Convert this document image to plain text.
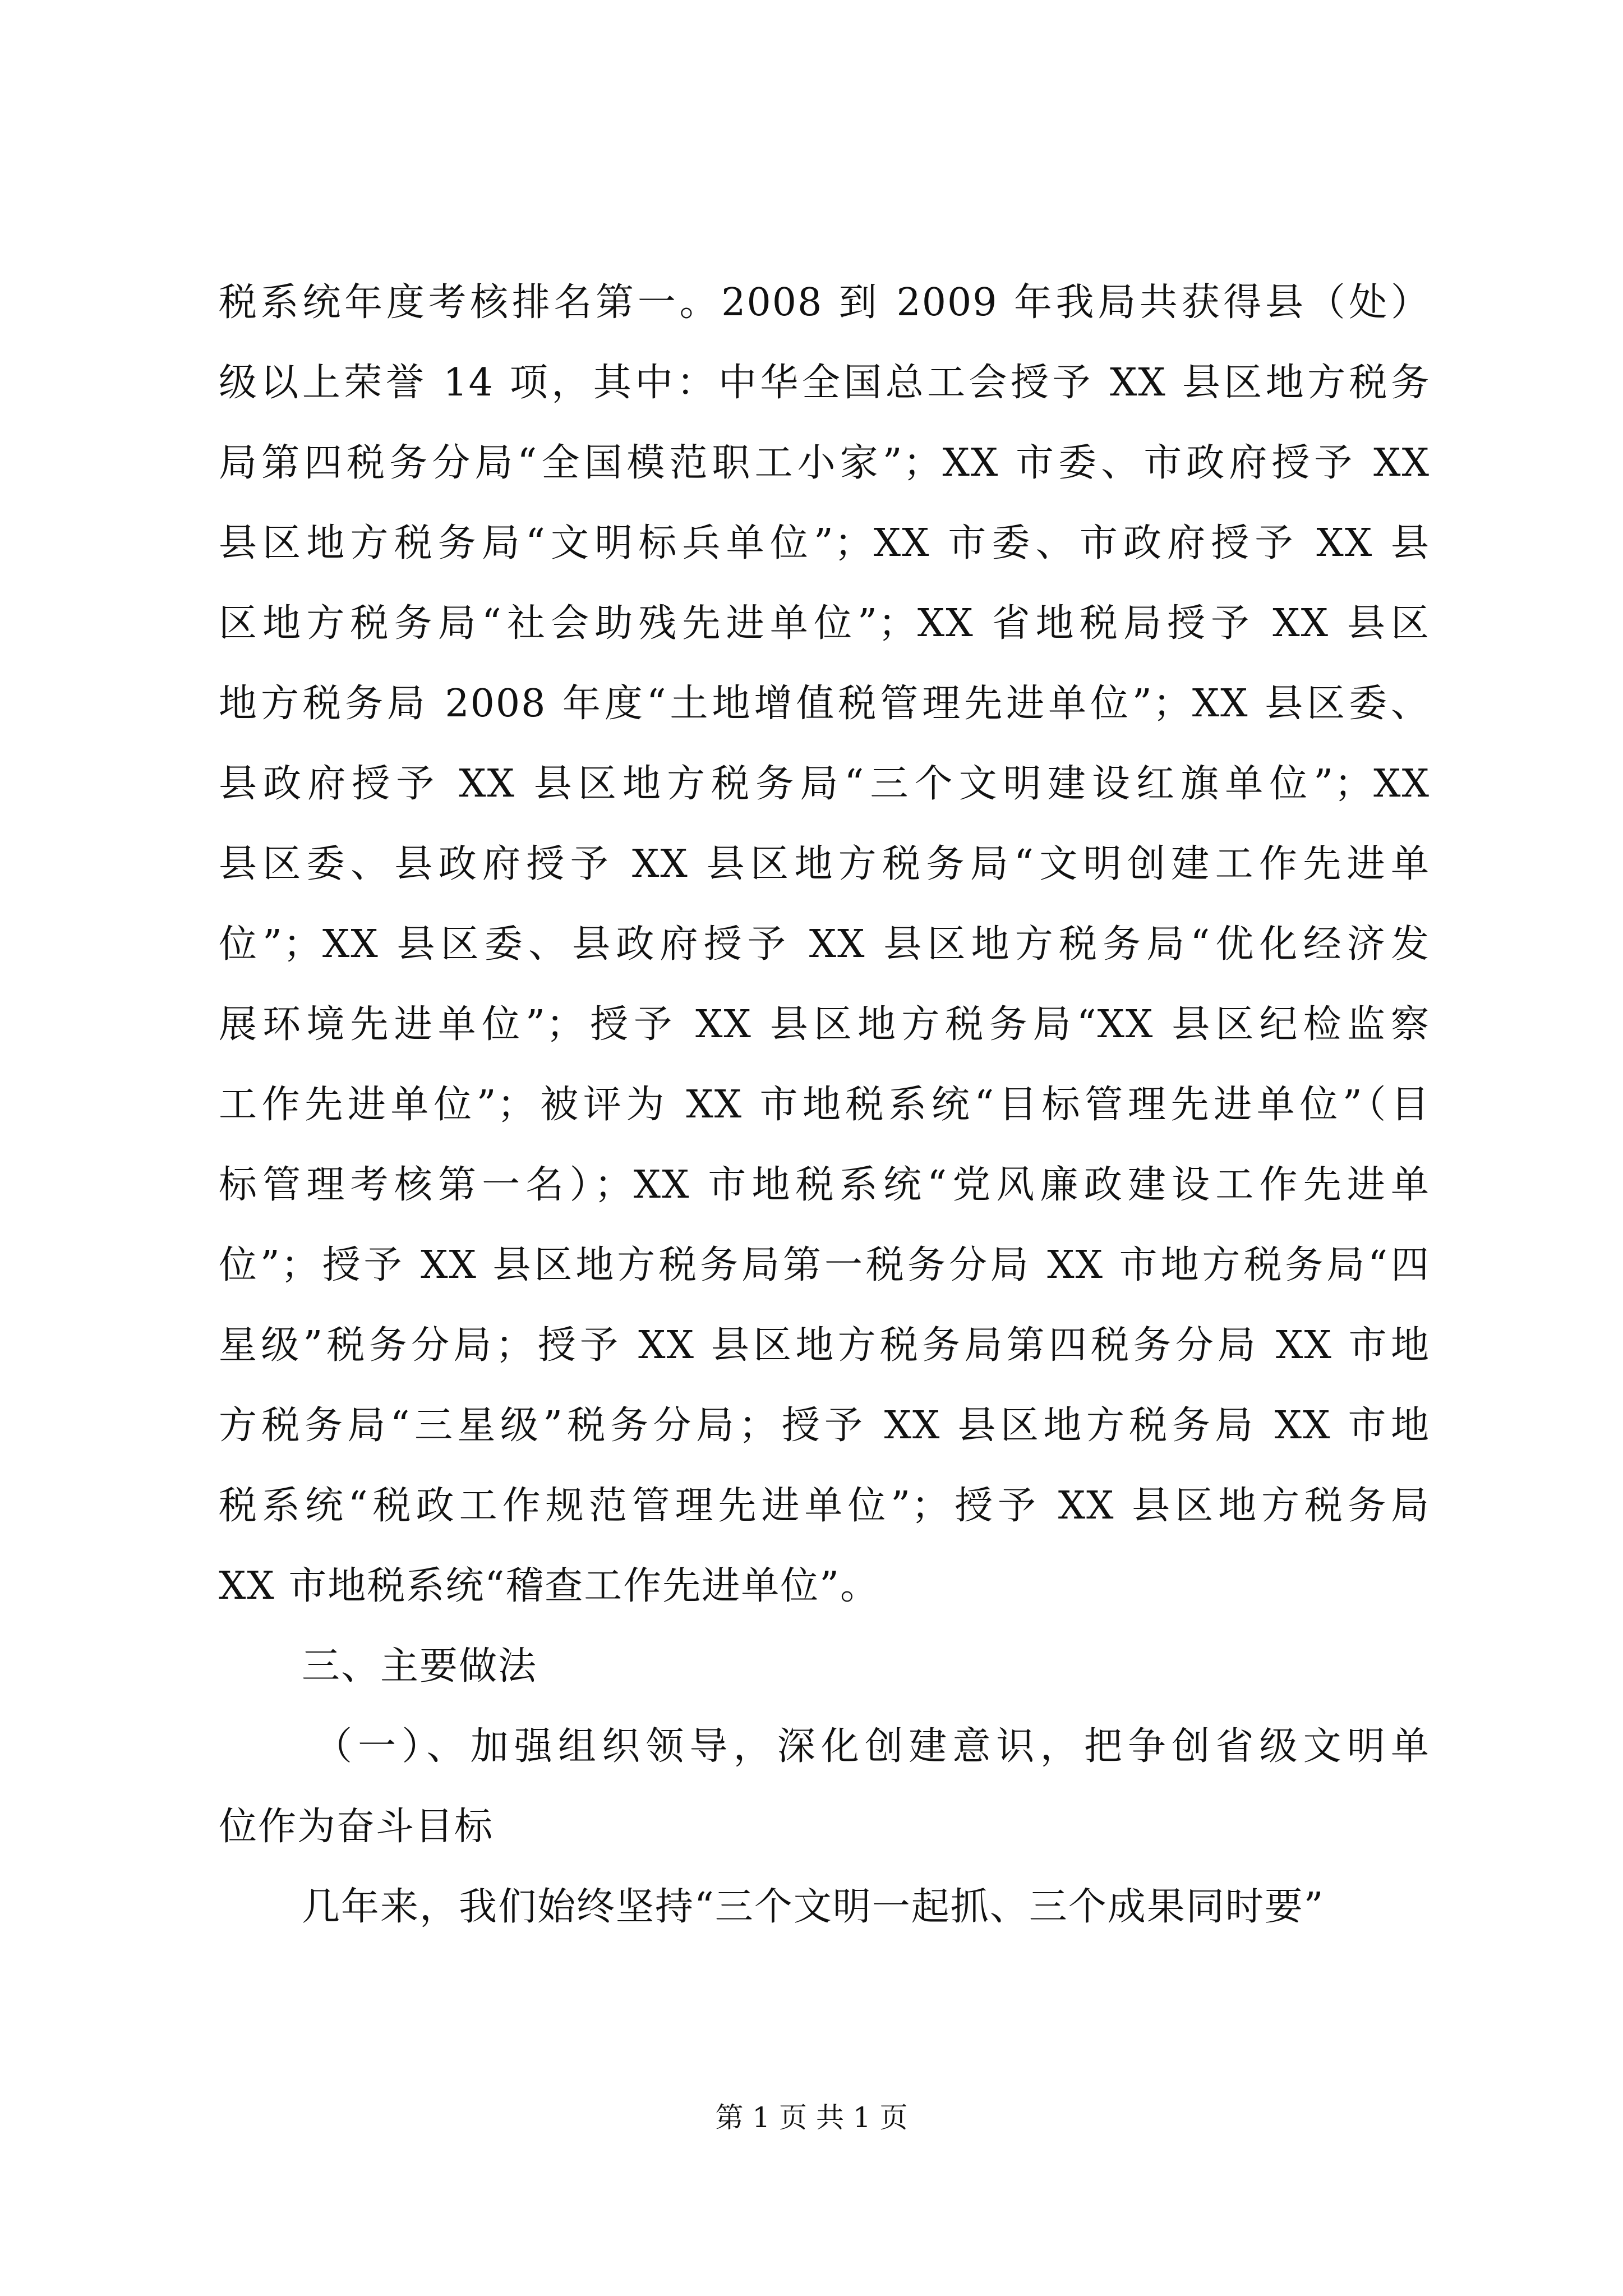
税系统年度考核排名第一。2008 到 2009 年我局共获得县（处）
级以上荣誉 14 项，其中：中华全国总工会授予 XX 县区地方税务
局第四税务分局“全国模范职工小家”；XX 市委、市政府授予 XX
县区地方税务局“文明标兵单位”；XX 市委、市政府授予 XX 县
区地方税务局“社会助残先进单位”；XX 省地税局授予 XX 县区
地方税务局 2008 年度“土地增值税管理先进单位”；XX 县区委、
县政府授予 XX 县区地方税务局“三个文明建设红旗单位”；XX
县区委、县政府授予 XX 县区地方税务局“文明创建工作先进单
位”；XX 县区委、县政府授予 XX 县区地方税务局“优化经济发
展环境先进单位”；授予 XX 县区地方税务局“XX 县区纪检监察
工作先进单位”；被评为 XX 市地税系统“目标管理先进单位”（目
标管理考核第一名）；XX 市地税系统“党风廉政建设工作先进单
位”；授予 XX 县区地方税务局第一税务分局 XX 市地方税务局“四
星级”税务分局；授予 XX 县区地方税务局第四税务分局 XX 市地
方税务局“三星级”税务分局；授予 XX 县区地方税务局 XX 市地
税系统“税政工作规范管理先进单位”；授予 XX 县区地方税务局
XX 市地税系统“稽查工作先进单位”。
三、主要做法
（一）、加强组织领导，深化创建意识，把争创省级文明单
位作为奋斗目标
几年来，我们始终坚持“三个文明一起抓、三个成果同时要”
第 1 页 共 1 页
